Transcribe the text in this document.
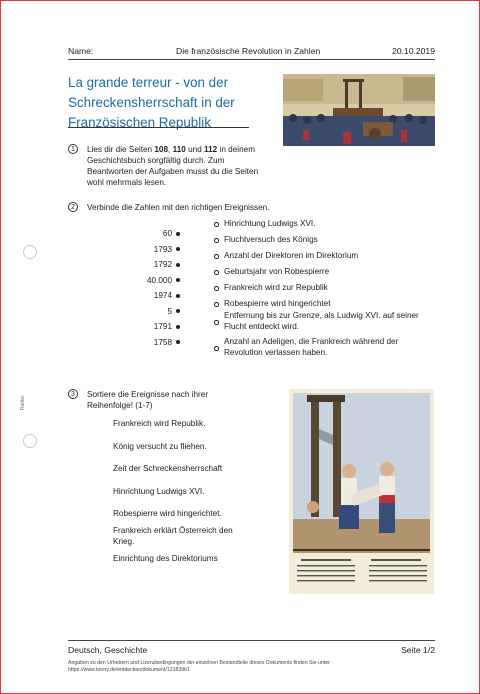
Name:	Die französische Revolution in Zahlen	20.10.2019
La grande terreur - von der
Schreckensherrschaft in der
Französischen Republik
1	Lies dir die Seiten 108, 110 und 112 in deinem
Geschichtsbuch sorgfältig durch. Zum
Beantworten der Aufgaben musst du die Seiten
wohl mehrmals lesen.
2	Verbinde die Zahlen mit den richtigen Ereignissen.
60
1793
1792
40.000
1974
5
1791
1758
Hinrichtung Ludwigs XVI.
Fluchtversuch des Königs
Anzahl der Direktoren im Direktorium
Geburtsjahr von Robespierre
Frankreich wird zur Republik
Robespierre wird hingerichtet
Entfernung bis zur Grenze, als Ludwig XVI. auf seiner
Flucht entdeckt wird.
Anzahl an Adeligen, die Frankreich während der
Revolution verlassen haben.
3	Sortiere die Ereignisse nach ihrer
Reihenfolge! (1-7)
Frankreich wird Republik.
König versucht zu fliehen.
Zeit der Schreckensherrschaft
Hinrichtung Ludwigs XVI.
Robespierre wird hingerichtet.
Frankreich erklärt Österreich den
Krieg.
Einrichtung des Direktoriums
Rahler
Deutsch, Geschichte	Seite 1/2
Angaben zu den Urhebern und Lizenzbedingungen der einzelnen Bestandteile dieses Dokuments finden Sie unter
https://www.tutory.de/entdecken/dokument/121839b1
